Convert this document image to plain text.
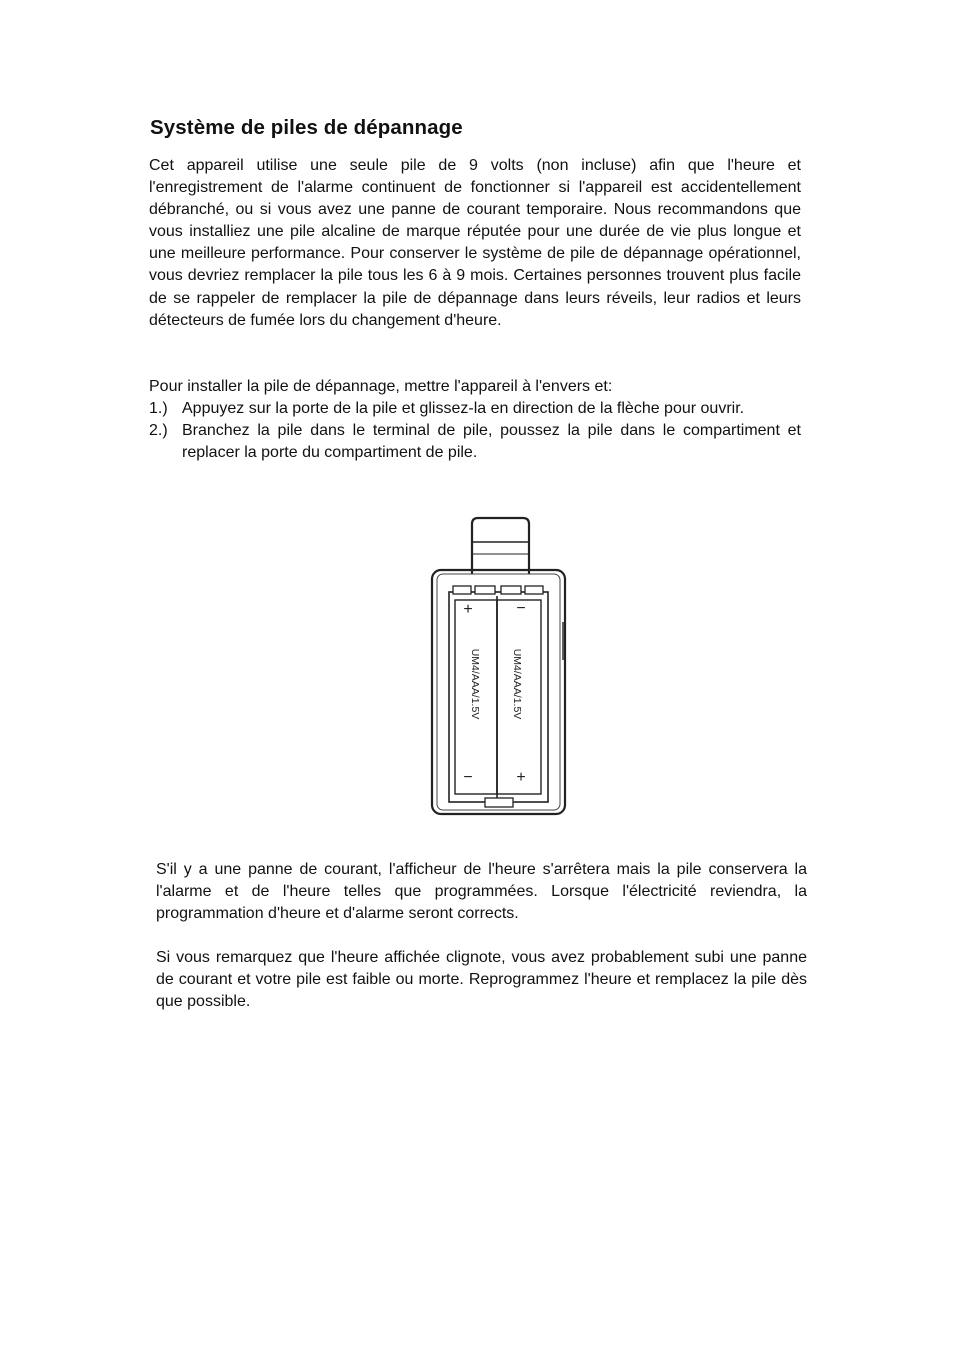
Système de piles de dépannage

Cet appareil utilise une seule pile de 9 volts (non incluse) afin que l'heure et l'enregistrement de l'alarme continuent de fonctionner si l'appareil est accidentellement débranché, ou si vous avez une panne de courant temporaire. Nous recommandons que vous installiez une pile alcaline de marque réputée pour une durée de vie plus longue et une meilleure performance. Pour conserver le système de pile de dépannage opérationnel, vous devriez remplacer la pile tous les 6 à 9 mois. Certaines personnes trouvent plus facile de se rappeler de remplacer la pile de dépannage dans leurs réveils, leur radios et leurs détecteurs de fumée lors du changement d'heure.

Pour installer la pile de dépannage, mettre l'appareil à l'envers et:

1.) Appuyez sur la porte de la pile et glissez-la en direction de la flèche pour ouvrir.
2.) Branchez la pile dans le terminal de pile, poussez la pile dans le compartiment et replacer la porte du compartiment de pile.
+
−
−
+
UM4/AAA/1.5V	UM4/AAA/1.5V

S'il y a une panne de courant, l'afficheur de l'heure s'arrêtera mais la pile conservera la l'alarme et de l'heure telles que programmées. Lorsque l'électricité reviendra, la programmation d'heure et d'alarme seront corrects.

Si vous remarquez que l'heure affichée clignote, vous avez probablement subi une panne de courant et votre pile est faible ou morte. Reprogrammez l'heure et remplacez la pile dès que possible.
